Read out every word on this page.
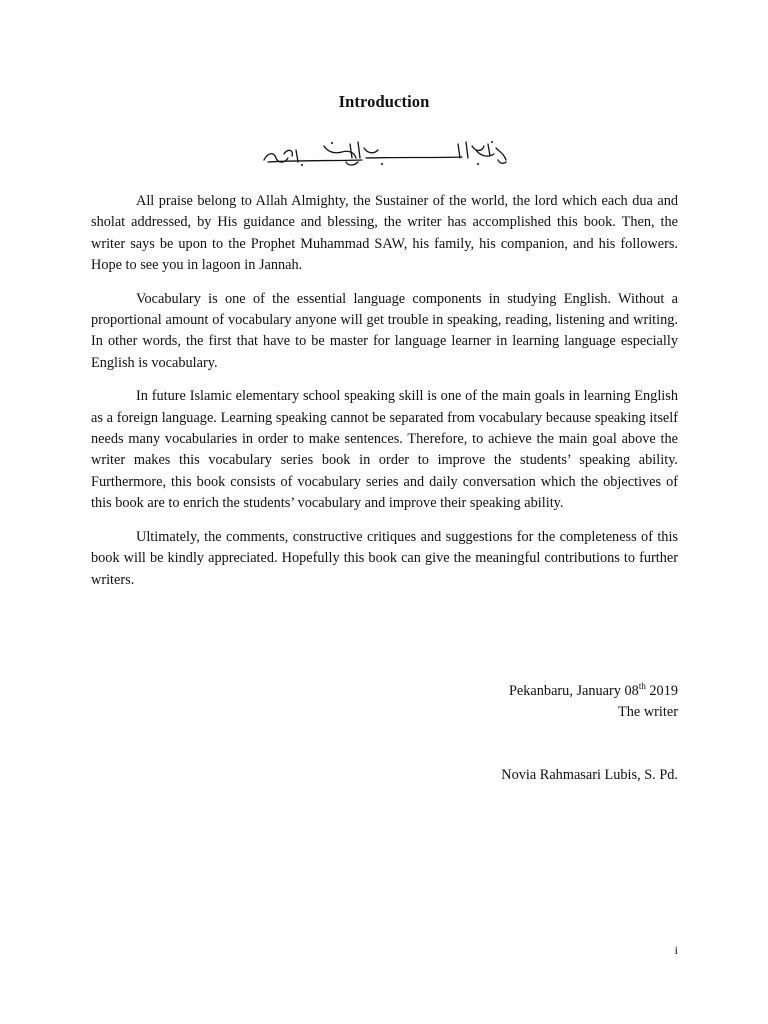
Introduction

All praise belong to Allah Almighty, the Sustainer of the world, the lord which each dua and sholat addressed, by His guidance and blessing, the writer has accomplished this book. Then, the writer says be upon to the Prophet Muhammad SAW, his family, his companion, and his followers. Hope to see you in lagoon in Jannah.

Vocabulary is one of the essential language components in studying English. Without a proportional amount of vocabulary anyone will get trouble in speaking, reading, listening and writing. In other words, the first that have to be master for language learner in learning language especially English is vocabulary.

In future Islamic elementary school speaking skill is one of the main goals in learning English as a foreign language. Learning speaking cannot be separated from vocabulary because speaking itself needs many vocabularies in order to make sentences. Therefore, to achieve the main goal above the writer makes this vocabulary series book in order to improve the students’ speaking ability. Furthermore, this book consists of vocabulary series and daily conversation which the objectives of this book are to enrich the students’ vocabulary and improve their speaking ability.

Ultimately, the comments, constructive critiques and suggestions for the completeness of this book will be kindly appreciated. Hopefully this book can give the meaningful contributions to further writers.

Pekanbaru, January 08th 2019
The writer
Novia Rahmasari Lubis, S. Pd.
i
